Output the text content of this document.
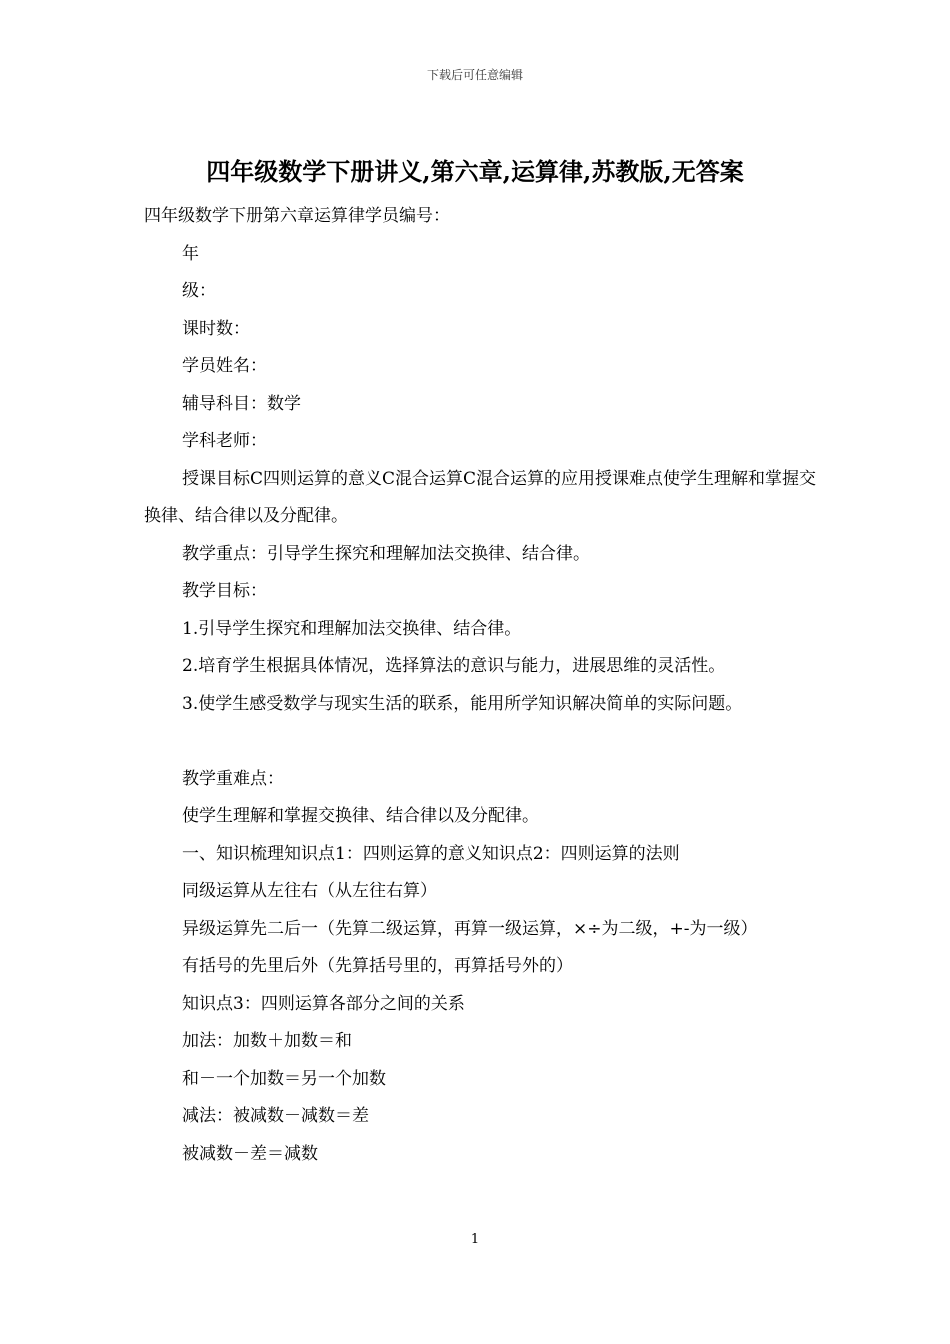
下载后可任意编辑
四年级数学下册讲义,第六章,运算律,苏教版,无答案

四年级数学下册第六章运算律学员编号：

年

级：

课时数：

学员姓名：

辅导科目：数学

学科老师：

授课目标C四则运算的意义C混合运算C混合运算的应用授课难点使学生理解和掌握交换律、结合律以及分配律。

教学重点：引导学生探究和理解加法交换律、结合律。

教学目标：

1.引导学生探究和理解加法交换律、结合律。

2.培育学生根据具体情况，选择算法的意识与能力，进展思维的灵活性。

3.使学生感受数学与现实生活的联系，能用所学知识解决简单的实际问题。

教学重难点：

使学生理解和掌握交换律、结合律以及分配律。

一、知识梳理知识点1：四则运算的意义知识点2：四则运算的法则

同级运算从左往右（从左往右算）

异级运算先二后一（先算二级运算，再算一级运算，×÷为二级，+-为一级）

有括号的先里后外（先算括号里的，再算括号外的）

知识点3：四则运算各部分之间的关系

加法：加数＋加数＝和

和－一个加数＝另一个加数

减法：被减数－减数＝差

被减数－差＝减数

1
